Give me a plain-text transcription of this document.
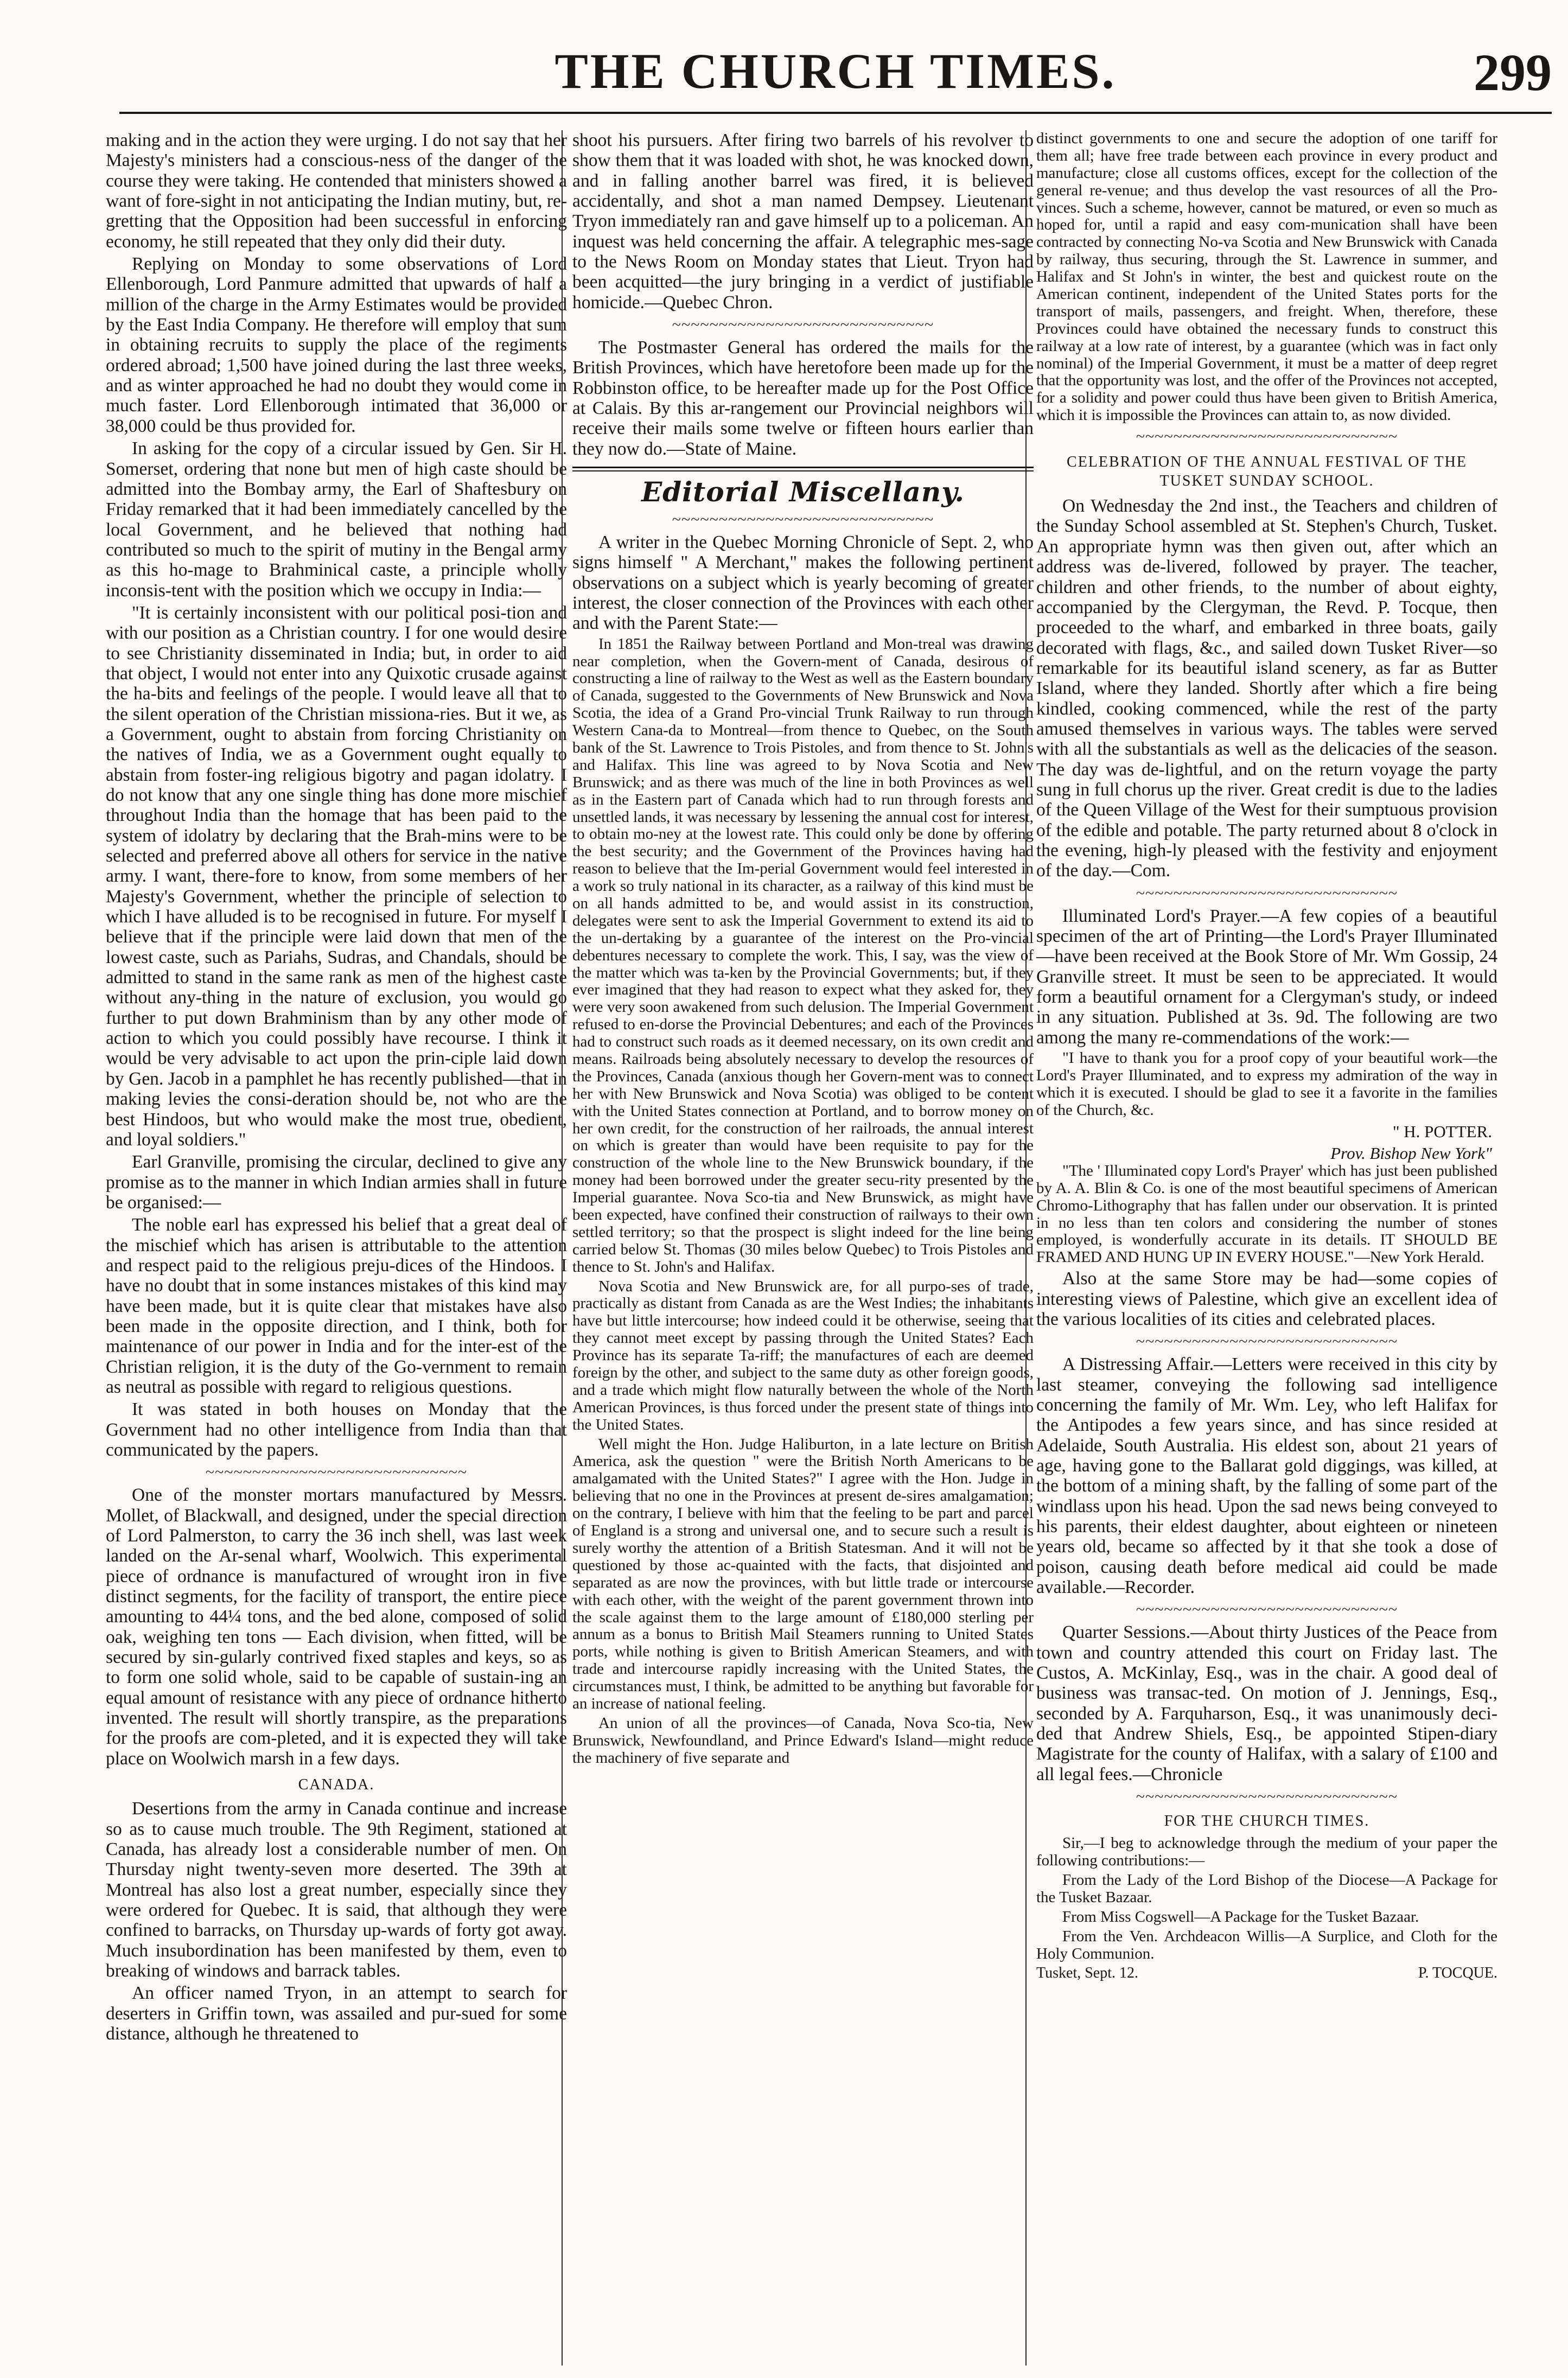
THE CHURCH TIMES.	299

making and in the action they were urging. I do not say that her Majesty's ministers had a conscious-ness of the danger of the course they were taking. He contended that ministers showed a want of fore-sight in not anticipating the Indian mutiny, but, re-gretting that the Opposition had been successful in enforcing economy, he still repeated that they only did their duty.

Replying on Monday to some observations of Lord Ellenborough, Lord Panmure admitted that upwards of half a million of the charge in the Army Estimates would be provided by the East India Company. He therefore will employ that sum in obtaining recruits to supply the place of the regiments ordered abroad; 1,500 have joined during the last three weeks, and as winter approached he had no doubt they would come in much faster. Lord Ellenborough intimated that 36,000 or 38,000 could be thus provided for.

In asking for the copy of a circular issued by Gen. Sir H. Somerset, ordering that none but men of high caste should be admitted into the Bombay army, the Earl of Shaftesbury on Friday remarked that it had been immediately cancelled by the local Government, and he believed that nothing had contributed so much to the spirit of mutiny in the Bengal army as this ho-mage to Brahminical caste, a principle wholly inconsis-tent with the position which we occupy in India:—

"It is certainly inconsistent with our political posi-tion and with our position as a Christian country. I for one would desire to see Christianity disseminated in India; but, in order to aid that object, I would not enter into any Quixotic crusade against the ha-bits and feelings of the people. I would leave all that to the silent operation of the Christian missiona-ries. But it we, as a Government, ought to abstain from forcing Christianity on the natives of India, we as a Government ought equally to abstain from foster-ing religious bigotry and pagan idolatry. I do not know that any one single thing has done more mischief throughout India than the homage that has been paid to the system of idolatry by declaring that the Brah-mins were to be selected and preferred above all others for service in the native army. I want, there-fore to know, from some members of her Majesty's Government, whether the principle of selection to which I have alluded is to be recognised in future. For myself I believe that if the principle were laid down that men of the lowest caste, such as Pariahs, Sudras, and Chandals, should be admitted to stand in the same rank as men of the highest caste without any-thing in the nature of exclusion, you would go further to put down Brahminism than by any other mode of action to which you could possibly have recourse. I think it would be very advisable to act upon the prin-ciple laid down by Gen. Jacob in a pamphlet he has recently published—that in making levies the consi-deration should be, not who are the best Hindoos, but who would make the most true, obedient, and loyal soldiers."

Earl Granville, promising the circular, declined to give any promise as to the manner in which Indian armies shall in future be organised:—

The noble earl has expressed his belief that a great deal of the mischief which has arisen is attributable to the attention and respect paid to the religious preju-dices of the Hindoos. I have no doubt that in some instances mistakes of this kind may have been made, but it is quite clear that mistakes have also been made in the opposite direction, and I think, both for maintenance of our power in India and for the inter-est of the Christian religion, it is the duty of the Go-vernment to remain as neutral as possible with regard to religious questions.

It was stated in both houses on Monday that the Government had no other intelligence from India than that communicated by the papers.

~~~~~~~~~~~~~~~~~~~~~~~~~~~~

One of the monster mortars manufactured by Messrs. Mollet, of Blackwall, and designed, under the special direction of Lord Palmerston, to carry the 36 inch shell, was last week landed on the Ar-senal wharf, Woolwich. This experimental piece of ordnance is manufactured of wrought iron in five distinct segments, for the facility of transport, the entire piece amounting to 44¼ tons, and the bed alone, composed of solid oak, weighing ten tons — Each division, when fitted, will be secured by sin-gularly contrived fixed staples and keys, so as to form one solid whole, said to be capable of sustain-ing an equal amount of resistance with any piece of ordnance hitherto invented. The result will shortly transpire, as the preparations for the proofs are com-pleted, and it is expected they will take place on Woolwich marsh in a few days.

CANADA.

Desertions from the army in Canada continue and increase so as to cause much trouble. The 9th Regiment, stationed at Canada, has already lost a considerable number of men. On Thursday night twenty-seven more deserted. The 39th at Montreal has also lost a great number, especially since they were ordered for Quebec. It is said, that although they were confined to barracks, on Thursday up-wards of forty got away. Much insubordination has been manifested by them, even to breaking of windows and barrack tables.

An officer named Tryon, in an attempt to search for deserters in Griffin town, was assailed and pur-sued for some distance, although he threatened to

shoot his pursuers. After firing two barrels of his revolver to show them that it was loaded with shot, he was knocked down, and in falling another barrel was fired, it is believed accidentally, and shot a man named Dempsey. Lieutenant Tryon immediately ran and gave himself up to a policeman. An inquest was held concerning the affair. A telegraphic mes-sage to the News Room on Monday states that Lieut. Tryon had been acquitted—the jury bringing in a verdict of justifiable homicide.—Quebec Chron.

~~~~~~~~~~~~~~~~~~~~~~~~~~~~

The Postmaster General has ordered the mails for the British Provinces, which have heretofore been made up for the Robbinston office, to be hereafter made up for the Post Office at Calais. By this ar-rangement our Provincial neighbors will receive their mails some twelve or fifteen hours earlier than they now do.—State of Maine.

Editorial Miscellany.
~~~~~~~~~~~~~~~~~~~~~~~~~~~~

A writer in the Quebec Morning Chronicle of Sept. 2, who signs himself " A Merchant," makes the following pertinent observations on a subject which is yearly becoming of greater interest, the closer connection of the Provinces with each other and with the Parent State:—

In 1851 the Railway between Portland and Mon-treal was drawing near completion, when the Govern-ment of Canada, desirous of constructing a line of railway to the West as well as the Eastern boundary of Canada, suggested to the Governments of New Brunswick and Nova Scotia, the idea of a Grand Pro-vincial Trunk Railway to run through Western Cana-da to Montreal—from thence to Quebec, on the South bank of the St. Lawrence to Trois Pistoles, and from thence to St. John's and Halifax. This line was agreed to by Nova Scotia and New Brunswick; and as there was much of the line in both Provinces as well as in the Eastern part of Canada which had to run through forests and unsettled lands, it was necessary by lessening the annual cost for interest, to obtain mo-ney at the lowest rate. This could only be done by offering the best security; and the Government of the Provinces having had reason to believe that the Im-perial Government would feel interested in a work so truly national in its character, as a railway of this kind must be on all hands admitted to be, and would assist in its construction, delegates were sent to ask the Imperial Government to extend its aid to the un-dertaking by a guarantee of the interest on the Pro-vincial debentures necessary to complete the work. This, I say, was the view of the matter which was ta-ken by the Provincial Governments; but, if they ever imagined that they had reason to expect what they asked for, they were very soon awakened from such delusion. The Imperial Government refused to en-dorse the Provincial Debentures; and each of the Provinces had to construct such roads as it deemed necessary, on its own credit and means. Railroads being absolutely necessary to develop the resources of the Provinces, Canada (anxious though her Govern-ment was to connect her with New Brunswick and Nova Scotia) was obliged to be content with the United States connection at Portland, and to borrow money on her own credit, for the construction of her railroads, the annual interest on which is greater than would have been requisite to pay for the construction of the whole line to the New Brunswick boundary, if the money had been borrowed under the greater secu-rity presented by the Imperial guarantee. Nova Sco-tia and New Brunswick, as might have been expected, have confined their construction of railways to their own settled territory; so that the prospect is slight indeed for the line being carried below St. Thomas (30 miles below Quebec) to Trois Pistoles and thence to St. John's and Halifax.

Nova Scotia and New Brunswick are, for all purpo-ses of trade, practically as distant from Canada as are the West Indies; the inhabitants have but little intercourse; how indeed could it be otherwise, seeing that they cannot meet except by passing through the United States? Each Province has its separate Ta-riff; the manufactures of each are deemed foreign by the other, and subject to the same duty as other foreign goods, and a trade which might flow naturally between the whole of the North American Provinces, is thus forced under the present state of things into the United States.

Well might the Hon. Judge Haliburton, in a late lecture on British America, ask the question " were the British North Americans to be amalgamated with the United States?" I agree with the Hon. Judge in believing that no one in the Provinces at present de-sires amalgamation; on the contrary, I believe with him that the feeling to be part and parcel of England is a strong and universal one, and to secure such a result is surely worthy the attention of a British Statesman. And it will not be questioned by those ac-quainted with the facts, that disjointed and separated as are now the provinces, with but little trade or intercourse with each other, with the weight of the parent government thrown into the scale against them to the large amount of £180,000 sterling per annum as a bonus to British Mail Steamers running to United States ports, while nothing is given to British American Steamers, and with trade and intercourse rapidly increasing with the United States, the circumstances must, I think, be admitted to be anything but favorable for an increase of national feeling.

An union of all the provinces—of Canada, Nova Sco-tia, New Brunswick, Newfoundland, and Prince Edward's Island—might reduce the machinery of five separate and

distinct governments to one and secure the adoption of one tariff for them all; have free trade between each province in every product and manufacture; close all customs offices, except for the collection of the general re-venue; and thus develop the vast resources of all the Pro-vinces. Such a scheme, however, cannot be matured, or even so much as hoped for, until a rapid and easy com-munication shall have been contracted by connecting No-va Scotia and New Brunswick with Canada by railway, thus securing, through the St. Lawrence in summer, and Halifax and St John's in winter, the best and quickest route on the American continent, independent of the United States ports for the transport of mails, passengers, and freight. When, therefore, these Provinces could have obtained the necessary funds to construct this railway at a low rate of interest, by a guarantee (which was in fact only nominal) of the Imperial Government, it must be a matter of deep regret that the opportunity was lost, and the offer of the Provinces not accepted, for a solidity and power could thus have been given to British America, which it is impossible the Provinces can attain to, as now divided.

~~~~~~~~~~~~~~~~~~~~~~~~~~~~
CELEBRATION OF THE ANNUAL FESTIVAL OF THE TUSKET SUNDAY SCHOOL.

On Wednesday the 2nd inst., the Teachers and children of the Sunday School assembled at St. Stephen's Church, Tusket. An appropriate hymn was then given out, after which an address was de-livered, followed by prayer. The teacher, children and other friends, to the number of about eighty, accompanied by the Clergyman, the Revd. P. Tocque, then proceeded to the wharf, and embarked in three boats, gaily decorated with flags, &c., and sailed down Tusket River—so remarkable for its beautiful island scenery, as far as Butter Island, where they landed. Shortly after which a fire being kindled, cooking commenced, while the rest of the party amused themselves in various ways. The tables were served with all the substantials as well as the delicacies of the season. The day was de-lightful, and on the return voyage the party sung in full chorus up the river. Great credit is due to the ladies of the Queen Village of the West for their sumptuous provision of the edible and potable. The party returned about 8 o'clock in the evening, high-ly pleased with the festivity and enjoyment of the day.—Com.

~~~~~~~~~~~~~~~~~~~~~~~~~~~~

Illuminated Lord's Prayer.—A few copies of a beautiful specimen of the art of Printing—the Lord's Prayer Illuminated—have been received at the Book Store of Mr. Wm Gossip, 24 Granville street. It must be seen to be appreciated. It would form a beautiful ornament for a Clergyman's study, or indeed in any situation. Published at 3s. 9d. The following are two among the many re-commendations of the work:—

"I have to thank you for a proof copy of your beautiful work—the Lord's Prayer Illuminated, and to express my admiration of the way in which it is executed. I should be glad to see it a favorite in the families of the Church, &c.

" H. POTTER.
Prov. Bishop New York"

"The ' Illuminated copy Lord's Prayer' which has just been published by A. A. Blin & Co. is one of the most beautiful specimens of American Chromo-Lithography that has fallen under our observation. It is printed in no less than ten colors and considering the number of stones employed, is wonderfully accurate in its details. IT SHOULD BE FRAMED AND HUNG UP IN EVERY HOUSE."—New York Herald.

Also at the same Store may be had—some copies of interesting views of Palestine, which give an excellent idea of the various localities of its cities and celebrated places.

~~~~~~~~~~~~~~~~~~~~~~~~~~~~

A Distressing Affair.—Letters were received in this city by last steamer, conveying the following sad intelligence concerning the family of Mr. Wm. Ley, who left Halifax for the Antipodes a few years since, and has since resided at Adelaide, South Australia. His eldest son, about 21 years of age, having gone to the Ballarat gold diggings, was killed, at the bottom of a mining shaft, by the falling of some part of the windlass upon his head. Upon the sad news being conveyed to his parents, their eldest daughter, about eighteen or nineteen years old, became so affected by it that she took a dose of poison, causing death before medical aid could be made available.—Recorder.

~~~~~~~~~~~~~~~~~~~~~~~~~~~~

Quarter Sessions.—About thirty Justices of the Peace from town and country attended this court on Friday last. The Custos, A. McKinlay, Esq., was in the chair. A good deal of business was transac-ted. On motion of J. Jennings, Esq., seconded by A. Farquharson, Esq., it was unanimously deci-ded that Andrew Shiels, Esq., be appointed Stipen-diary Magistrate for the county of Halifax, with a salary of £100 and all legal fees.—Chronicle

~~~~~~~~~~~~~~~~~~~~~~~~~~~~
FOR THE CHURCH TIMES.

Sir,—I beg to acknowledge through the medium of your paper the following contributions:—

From the Lady of the Lord Bishop of the Diocese—A Package for the Tusket Bazaar.

From Miss Cogswell—A Package for the Tusket Bazaar.

From the Ven. Archdeacon Willis—A Surplice, and Cloth for the Holy Communion.

Tusket, Sept. 12.	P. TOCQUE.
